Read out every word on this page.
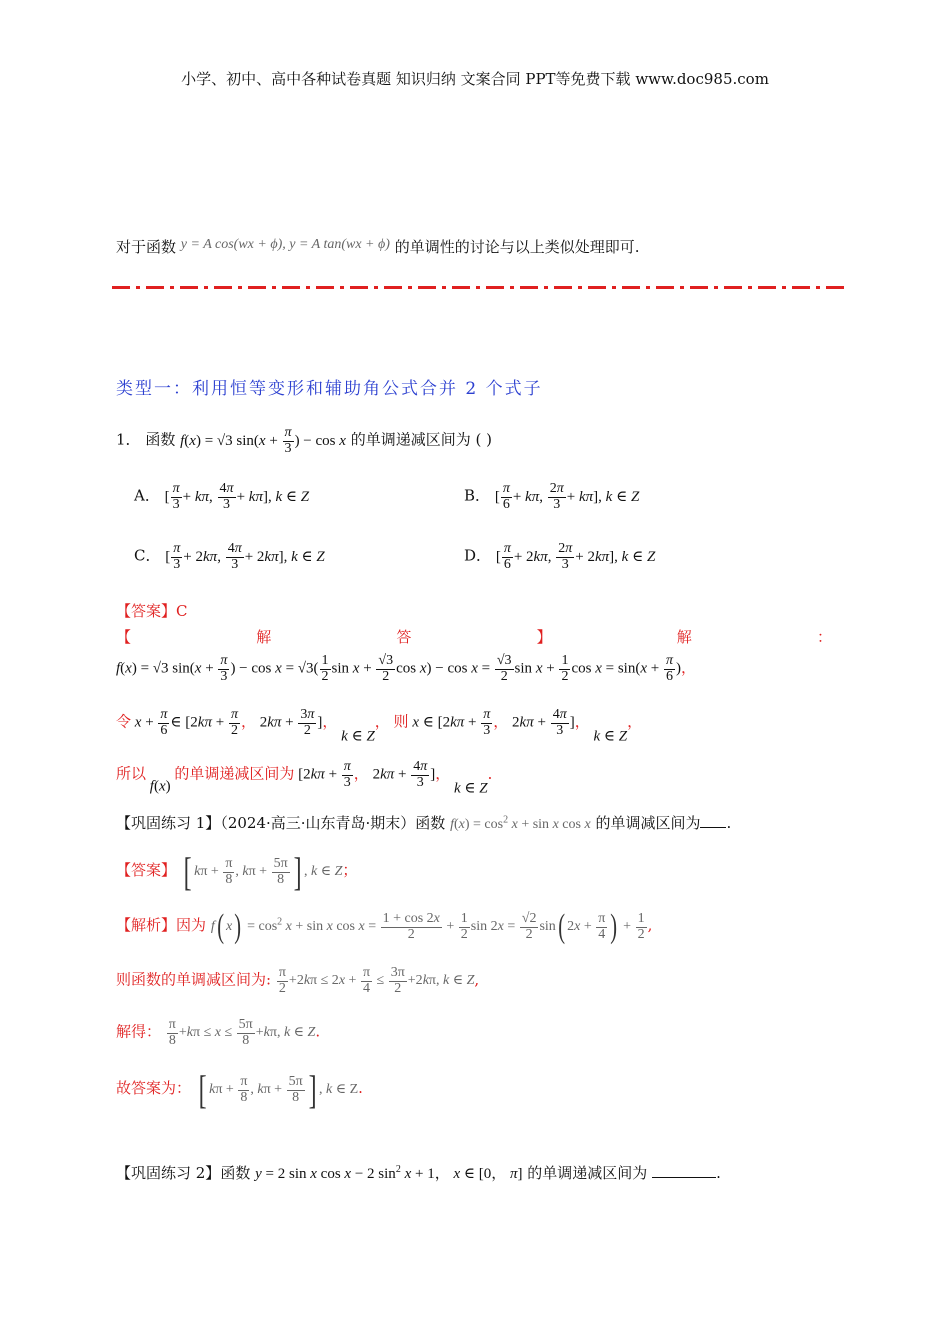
小学、初中、高中各种试卷真题 知识归纳 文案合同 PPT等免费下载 www.doc985.com
对于函数 y = A cos(wx + ϕ), y = A tan(wx + ϕ) 的单调性的讨论与以上类似处理即可.
类型一：利用恒等变形和辅助角公式合并 2 个式子
1． 函数 f(x) = √3 $\sin(x + \frac{\pi}{3}$ ) − cos x 的单调递减区间为 ( )
A． [ $\frac{\pi}{3} + k\pi$, $\frac{4\pi}{3} + k\pi$], k ∈ Z	B． [ $\frac{\pi}{6} + k\pi$, $\frac{2\pi}{3} + k\pi$], k ∈ Z
C． [ $\frac{\pi}{3} + 2k\pi$, $\frac{4\pi}{3} + 2k\pi$], k ∈ Z	D． [ $\frac{\pi}{6} + 2k\pi$, $\frac{2\pi}{3} + 2k\pi$], k ∈ Z
【答案】C
【	解	答	】	解	：
f(x) = √3 $\sin(x + \frac{\pi}{3}$ ) − $\cos x = √3( \frac{1}{2}$ $\sin x + \frac{√3}{2}$ $\cos x) - \cos x = \frac{√3}{2}$ $\sin x + \frac{1}{2}$ $\cos x = \sin(x + \frac{\pi}{6}$ )，
令 $x + \frac{\pi}{6}$ ∈ [$2k\pi + \frac{\pi}{2}$ ， $2k\pi + \frac{3\pi}{2}$ ]， k ∈ Z， 则 x ∈ [$2k\pi + \frac{\pi}{3}$ ， $2k\pi + \frac{4\pi}{3}$ ]， k ∈ Z，
所以 f(x) 的单调递减区间为 [$2k\pi + \frac{\pi}{3}$ ， $2k\pi + \frac{4\pi}{3}$ ]， k ∈ Z．
【巩固练习 1】（2024·高三·山东青岛·期末）函数 $f(x) = \cos^2 x + \sin x$ cos x 的单调减区间为 .
【答案】 [ $k\pi + \frac{\pi}{8}$ , $k\pi + \frac{5\pi}{8}$ ] , k ∈ Z；
【解析】因为 f( $x) = \cos^2 x + \sin x$ $\cos x = \frac{1 + \cos 2x}{2} + \frac{1}{2}$ $\sin 2x = \frac{√2}{2} \sin$( $2x + \frac{\pi}{4}$ ) + $\frac{1}{2}$ ,
则函数的单调减区间为: $\frac{\pi}{2} +2k\pi \le 2x + \frac{\pi}{4} \le \frac{3\pi}{2} +2k\pi$, k ∈ Z,
解得： $\frac{\pi}{8} +k\pi \le x \le \frac{5\pi}{8} +k\pi$, k ∈ Z.
故答案为： [ $k\pi + \frac{\pi}{8}$ , $k\pi + \frac{5\pi}{8}$ ] , k ∈ Z.
【巩固练习 2】函数 y = 2 sin x cos x − 2 $\sin^2 x + 1$， x ∈ [0， π] 的单调递减区间为	.
